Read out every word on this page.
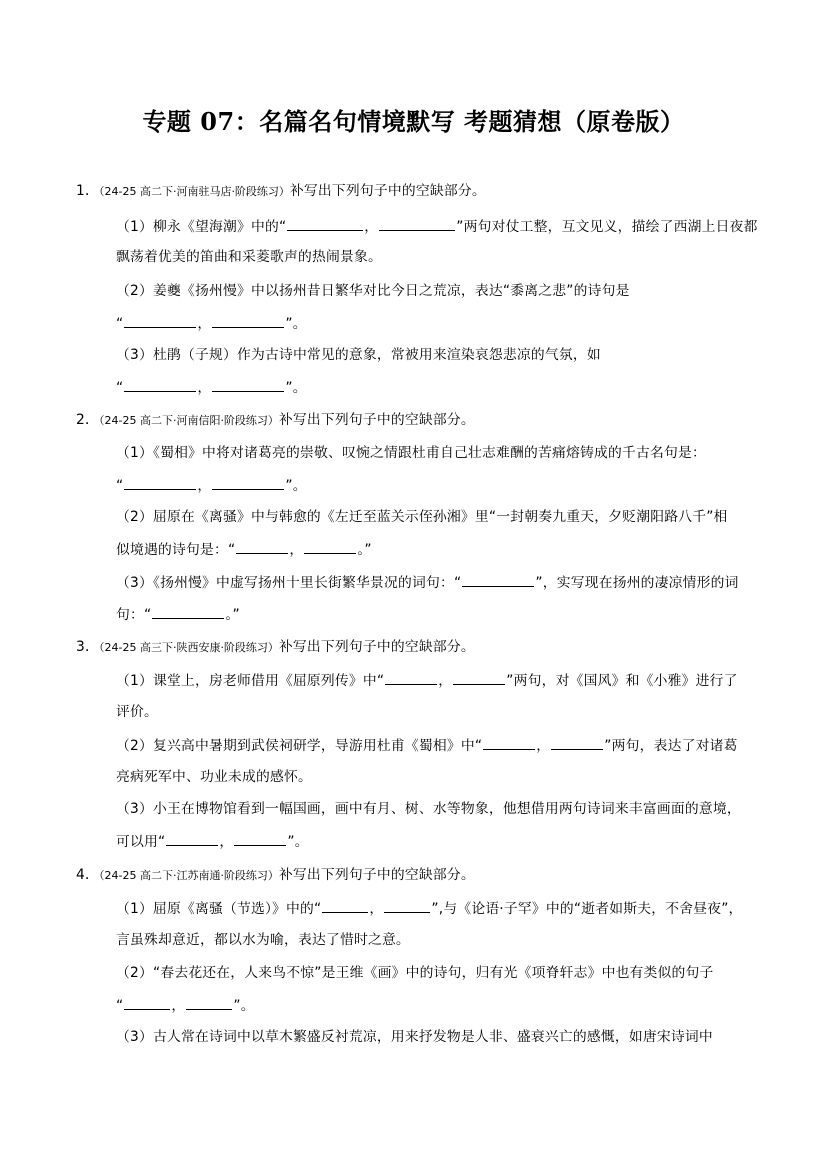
专题 07：名篇名句情境默写 考题猜想（原卷版）
1．（24-25 高二下·河南驻马店·阶段练习）补写出下列句子中的空缺部分。
（1）柳永《望海潮》中的“	，	”两句对仗工整，互文见义，描绘了西湖上日夜都
飘荡着优美的笛曲和采菱歌声的热闹景象。
（2）姜夔《扬州慢》中以扬州昔日繁华对比今日之荒凉，表达“黍离之悲”的诗句是
“	，	”。
（3）杜鹃（子规）作为古诗中常见的意象，常被用来渲染哀怨悲凉的气氛，如
“	，	”。
2．（24-25 高二下·河南信阳·阶段练习）补写出下列句子中的空缺部分。
（1）《蜀相》中将对诸葛亮的崇敬、叹惋之情跟杜甫自己壮志难酬的苦痛熔铸成的千古名句是：
“	，	”。
（2）屈原在《离骚》中与韩愈的《左迁至蓝关示侄孙湘》里“一封朝奏九重天，夕贬潮阳路八千”相
似境遇的诗句是：“	，	。”
（3）《扬州慢》中虚写扬州十里长街繁华景况的词句：“	”，实写现在扬州的凄凉情形的词
句：“	。”
3．（24-25 高三下·陕西安康·阶段练习）补写出下列句子中的空缺部分。
（1）课堂上，房老师借用《屈原列传》中“	，	”两句，对《国风》和《小雅》进行了
评价。
（2）复兴高中暑期到武侯祠研学，导游用杜甫《蜀相》中“	，	”两句，表达了对诸葛
亮病死军中、功业未成的感怀。
（3）小王在博物馆看到一幅国画，画中有月、树、水等物象，他想借用两句诗词来丰富画面的意境，
可以用“	，	”。
4．（24-25 高二下·江苏南通·阶段练习）补写出下列句子中的空缺部分。
（1）屈原《离骚（节选）》中的“	，	”,与《论语·子罕》中的“逝者如斯夫，不舍昼夜”，
言虽殊却意近，都以水为喻，表达了惜时之意。
（2）“春去花还在，人来鸟不惊”是王维《画》中的诗句，归有光《项脊轩志》中也有类似的句子
“	，	”。
（3）古人常在诗词中以草木繁盛反衬荒凉，用来抒发物是人非、盛衰兴亡的感慨，如唐宋诗词中
